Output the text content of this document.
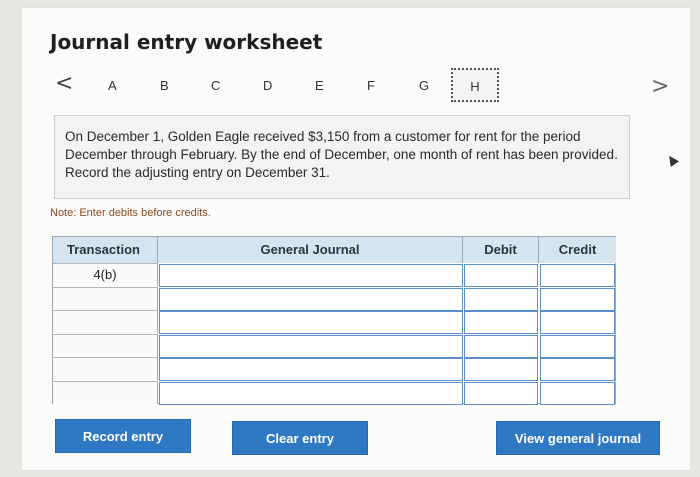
Journal entry worksheet
<	A	B	C	D	E	F	G	H	>
On December 1, Golden Eagle received $3,150 from a customer for rent for the period December through February. By the end of December, one month of rent has been provided. Record the adjusting entry on December 31.
Note: Enter debits before credits.
Transaction	General Journal	Debit	Credit
4(b)
Record entry	Clear entry	View general journal
